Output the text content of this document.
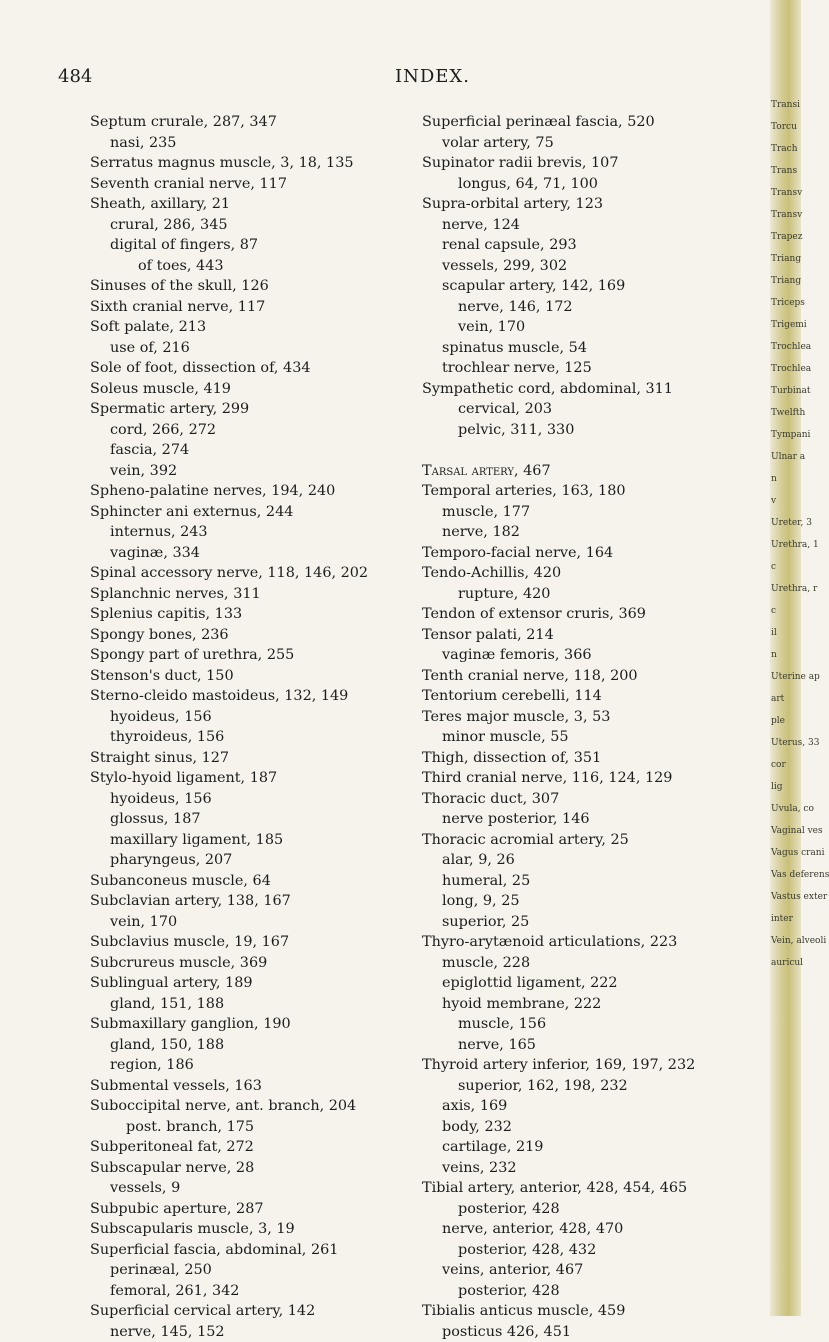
484	INDEX.
Septum crurale, 287, 347
nasi, 235
Serratus magnus muscle, 3, 18, 135
Seventh cranial nerve, 117
Sheath, axillary, 21
crural, 286, 345
digital of fingers, 87
of toes, 443
Sinuses of the skull, 126
Sixth cranial nerve, 117
Soft palate, 213
use of, 216
Sole of foot, dissection of, 434
Soleus muscle, 419
Spermatic artery, 299
cord, 266, 272
fascia, 274
vein, 392
Spheno-palatine nerves, 194, 240
Sphincter ani externus, 244
internus, 243
vaginæ, 334
Spinal accessory nerve, 118, 146, 202
Splanchnic nerves, 311
Splenius capitis, 133
Spongy bones, 236
Spongy part of urethra, 255
Stenson's duct, 150
Sterno-cleido mastoideus, 132, 149
hyoideus, 156
thyroideus, 156
Straight sinus, 127
Stylo-hyoid ligament, 187
hyoideus, 156
glossus, 187
maxillary ligament, 185
pharyngeus, 207
Subanconeus muscle, 64
Subclavian artery, 138, 167
vein, 170
Subclavius muscle, 19, 167
Subcrureus muscle, 369
Sublingual artery, 189
gland, 151, 188
Submaxillary ganglion, 190
gland, 150, 188
region, 186
Submental vessels, 163
Suboccipital nerve, ant. branch, 204
post. branch, 175
Subperitoneal fat, 272
Subscapular nerve, 28
vessels, 9
Subpubic aperture, 287
Subscapularis muscle, 3, 19
Superficial fascia, abdominal, 261
perinæal, 250
femoral, 261, 342
Superficial cervical artery, 142
nerve, 145, 152
Superficial perinæal fascia, 520
volar artery, 75
Supinator radii brevis, 107
longus, 64, 71, 100
Supra-orbital artery, 123
nerve, 124
renal capsule, 293
vessels, 299, 302
scapular artery, 142, 169
nerve, 146, 172
vein, 170
spinatus muscle, 54
trochlear nerve, 125
Sympathetic cord, abdominal, 311
cervical, 203
pelvic, 311, 330

Tarsal artery, 467
Temporal arteries, 163, 180
muscle, 177
nerve, 182
Temporo-facial nerve, 164
Tendo-Achillis, 420
rupture, 420
Tendon of extensor cruris, 369
Tensor palati, 214
vaginæ femoris, 366
Tenth cranial nerve, 118, 200
Tentorium cerebelli, 114
Teres major muscle, 3, 53
minor muscle, 55
Thigh, dissection of, 351
Third cranial nerve, 116, 124, 129
Thoracic duct, 307
nerve posterior, 146
Thoracic acromial artery, 25
alar, 9, 26
humeral, 25
long, 9, 25
superior, 25
Thyro-arytænoid articulations, 223
muscle, 228
epiglottid ligament, 222
hyoid membrane, 222
muscle, 156
nerve, 165
Thyroid artery inferior, 169, 197, 232
superior, 162, 198, 232
axis, 169
body, 232
cartilage, 219
veins, 232
Tibial artery, anterior, 428, 454, 465
posterior, 428
nerve, anterior, 428, 470
posterior, 428, 432
veins, anterior, 467
posterior, 428
Tibialis anticus muscle, 459
posticus 426, 451
Transi
Torcu
Trach
Trans
Transv
Transv
Trapez
Triang
Triang
Triceps
Trigemi
Trochlea
Trochlea
Turbinat
Twelfth
Tympani
Ulnar a
n
v
Ureter, 3
Urethra, 1
c
Urethra, r
c
il
n
Uterine ap
art
ple
Uterus, 33
cor
lig
Uvula, co
Vaginal ves
Vagus crani
Vas deferens
Vastus exter
inter
Vein, alveoli
auricul
